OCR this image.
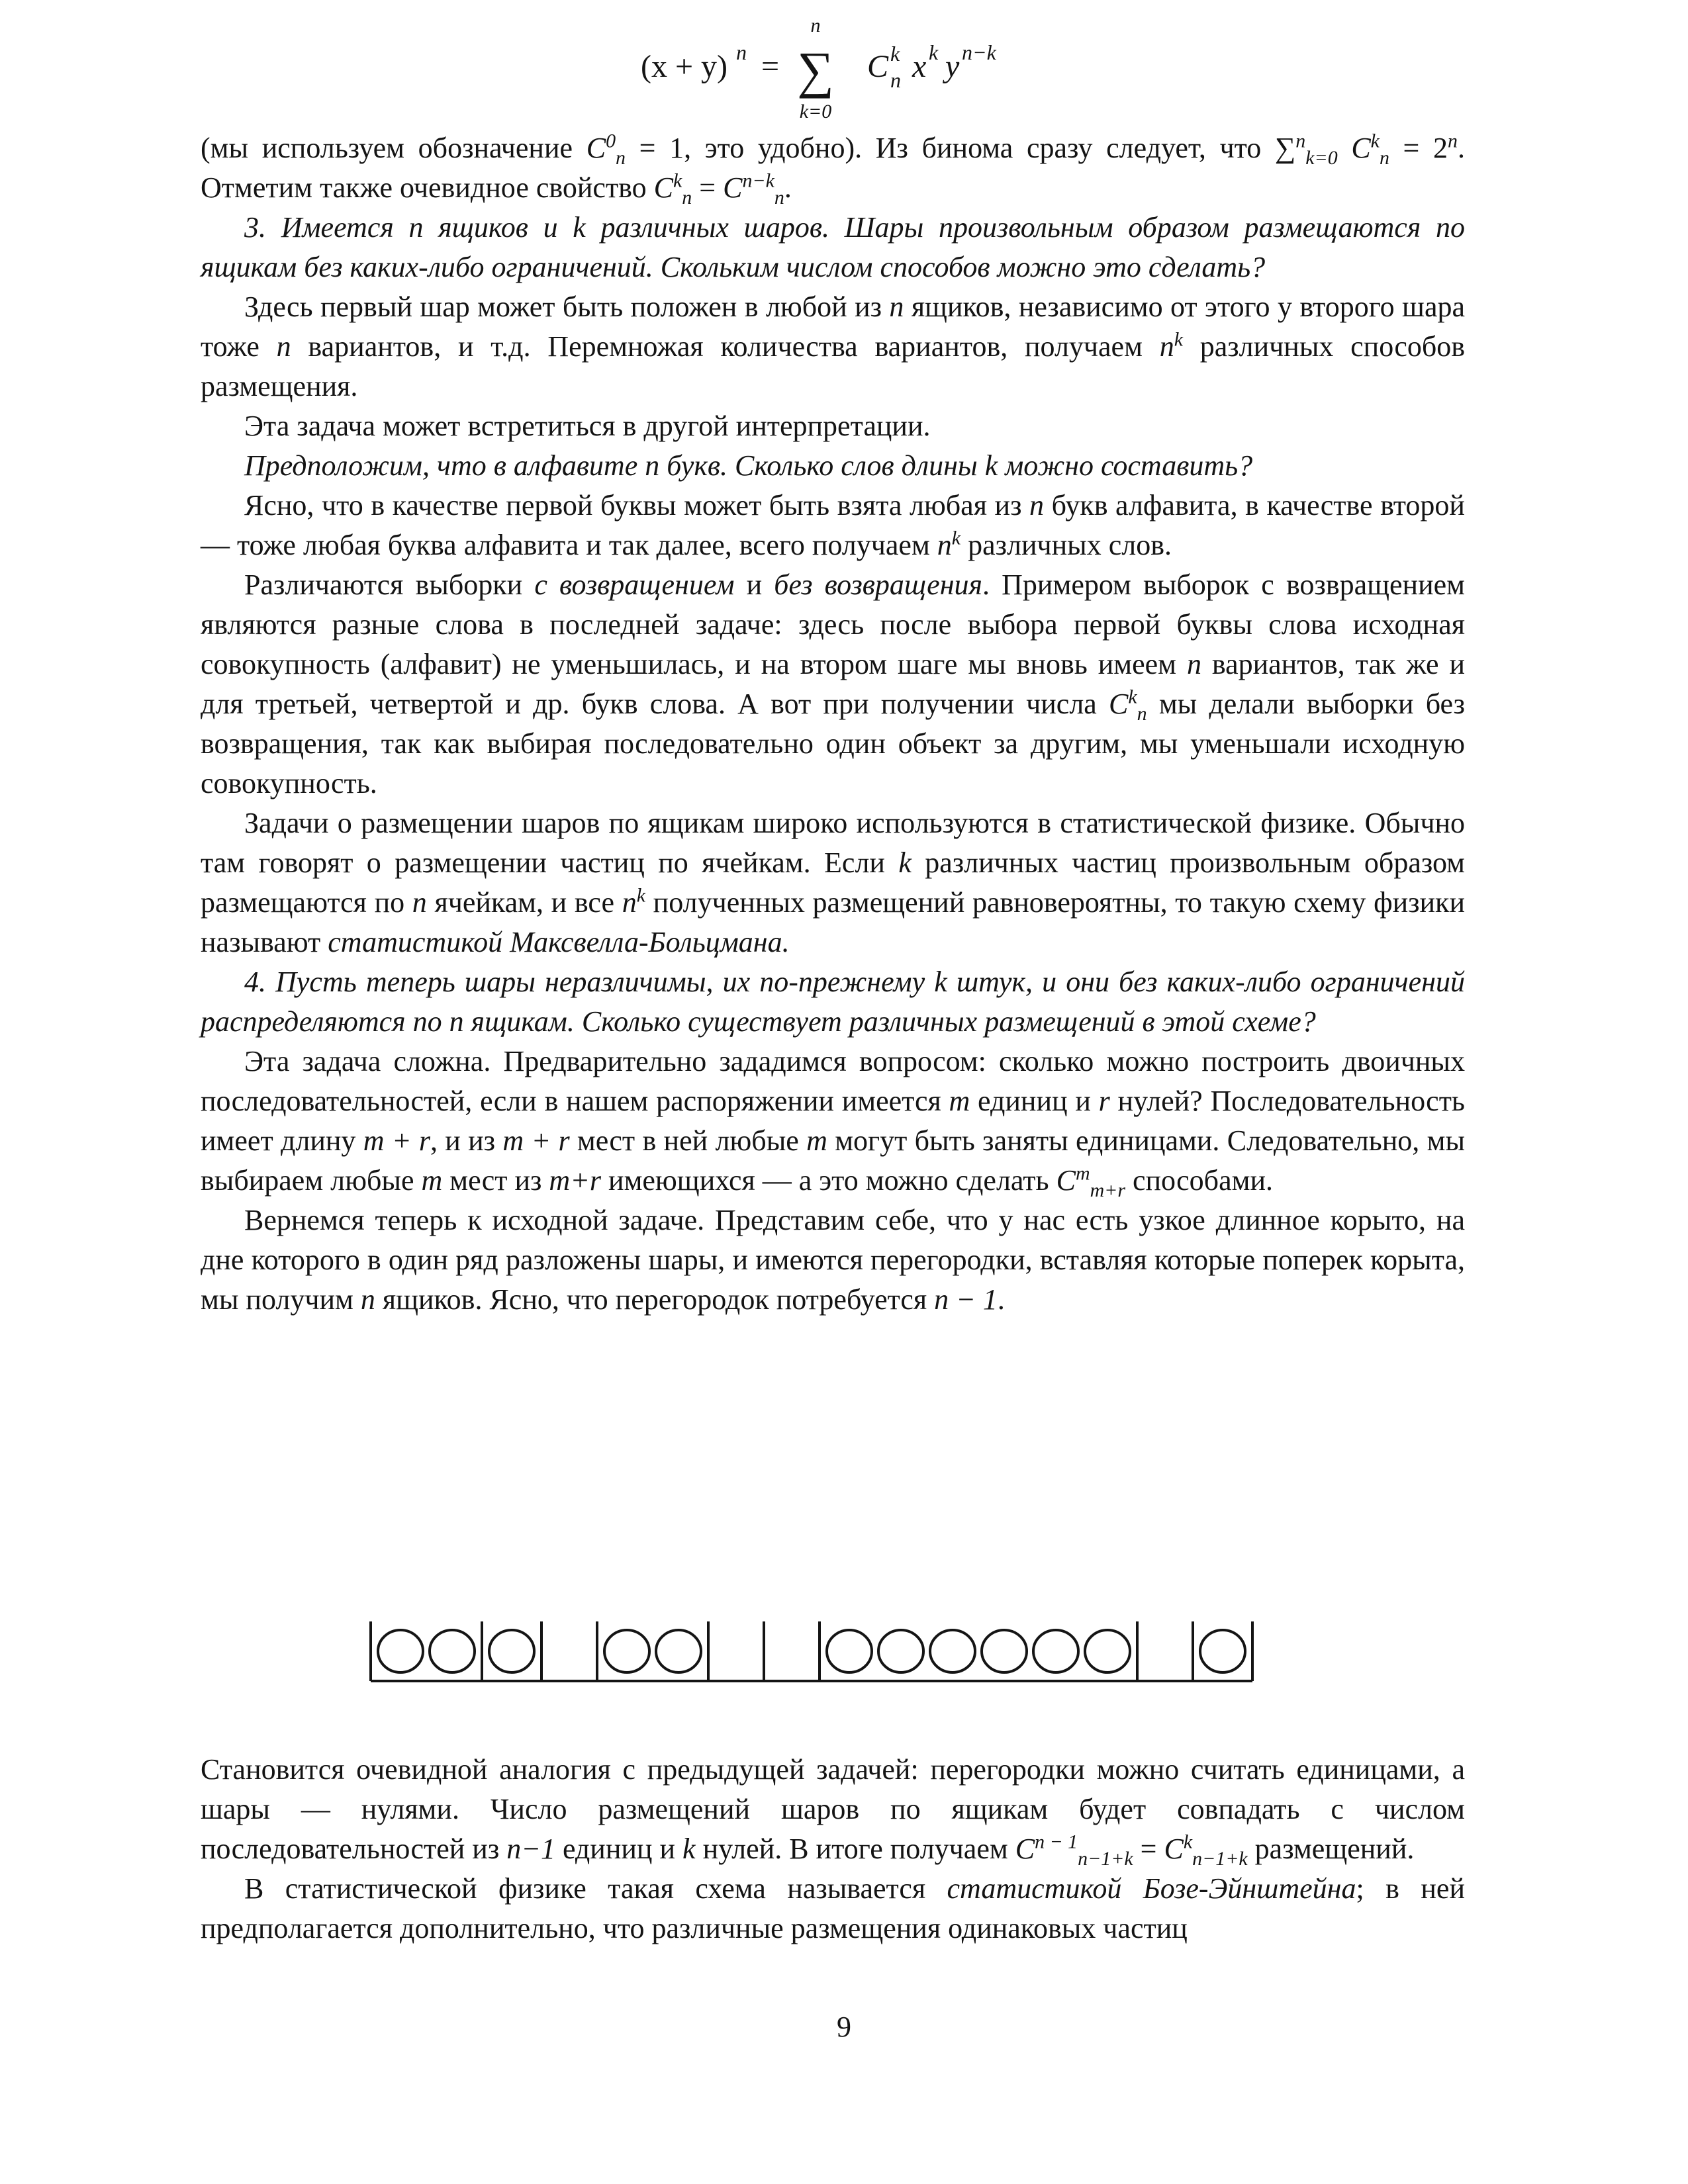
(x + y) n =
n
∑
k=0
C k
n x k y n−k

(мы используем обозначение $C^0_n = 1$, это удобно). Из бинома сразу следует, что ∑$^n_{k=0}$ $C^k_n = 2^n$. Отметим также очевидное свойство $C^k_n = C^{n-k}_n$.

3. Имеется n ящиков и k различных шаров. Шары произвольным образом размещаются по ящикам без каких-либо ограничений. Скольким числом способов можно это сделать?

Здесь первый шар может быть положен в любой из n ящиков, независимо от этого у второго шара тоже n вариантов, и т.д. Перемножая количества вариантов, получаем $n^k$ различных способов размещения.

Эта задача может встретиться в другой интерпретации.

Предположим, что в алфавите n букв. Сколько слов длины k можно составить?

Ясно, что в качестве первой буквы может быть взята любая из n букв алфавита, в качестве второй — тоже любая буква алфавита и так далее, всего получаем $n^k$ различных слов.

Различаются выборки с возвращением и без возвращения. Примером выборок с возвращением являются разные слова в последней задаче: здесь после выбора первой буквы слова исходная совокупность (алфавит) не уменьшилась, и на втором шаге мы вновь имеем n вариантов, так же и для третьей, четвертой и др. букв слова. А вот при получении числа $C^k_n$ мы делали выборки без возвращения, так как выбирая последовательно один объект за другим, мы уменьшали исходную совокупность.

Задачи о размещении шаров по ящикам широко используются в статистической физике. Обычно там говорят о размещении частиц по ячейкам. Если k различных частиц произвольным образом размещаются по n ячейкам, и все $n^k$ полученных размещений равновероятны, то такую схему физики называют статистикой Максвелла-Больцмана.

4. Пусть теперь шары неразличимы, их по-прежнему k штук, и они без каких-либо ограничений распределяются по n ящикам. Сколько существует различных размещений в этой схеме?

Эта задача сложна. Предварительно зададимся вопросом: сколько можно построить двоичных последовательностей, если в нашем распоряжении имеется m единиц и r нулей? Последовательность имеет длину m + r, и из m + r мест в ней любые m могут быть заняты единицами. Следовательно, мы выбираем любые m мест из m+r имеющихся — а это можно сделать $C^m_{m+r}$ способами.

Вернемся теперь к исходной задаче. Представим себе, что у нас есть узкое длинное корыто, на дне которого в один ряд разложены шары, и имеются перегородки, вставляя которые поперек корыта, мы получим n ящиков. Ясно, что перегородок потребуется n − 1.

Становится очевидной аналогия с предыдущей задачей: перегородки можно считать единицами, а шары — нулями. Число размещений шаров по ящикам будет совпадать с числом последовательностей из n−1 единиц и k нулей. В итоге получаем $C^{n - 1}_{n-1+k} = C^k_{n-1+k}$ размещений.

В статистической физике такая схема называется статистикой Бозе-Эйнштейна; в ней предполагается дополнительно, что различные размещения одинаковых частиц

9
